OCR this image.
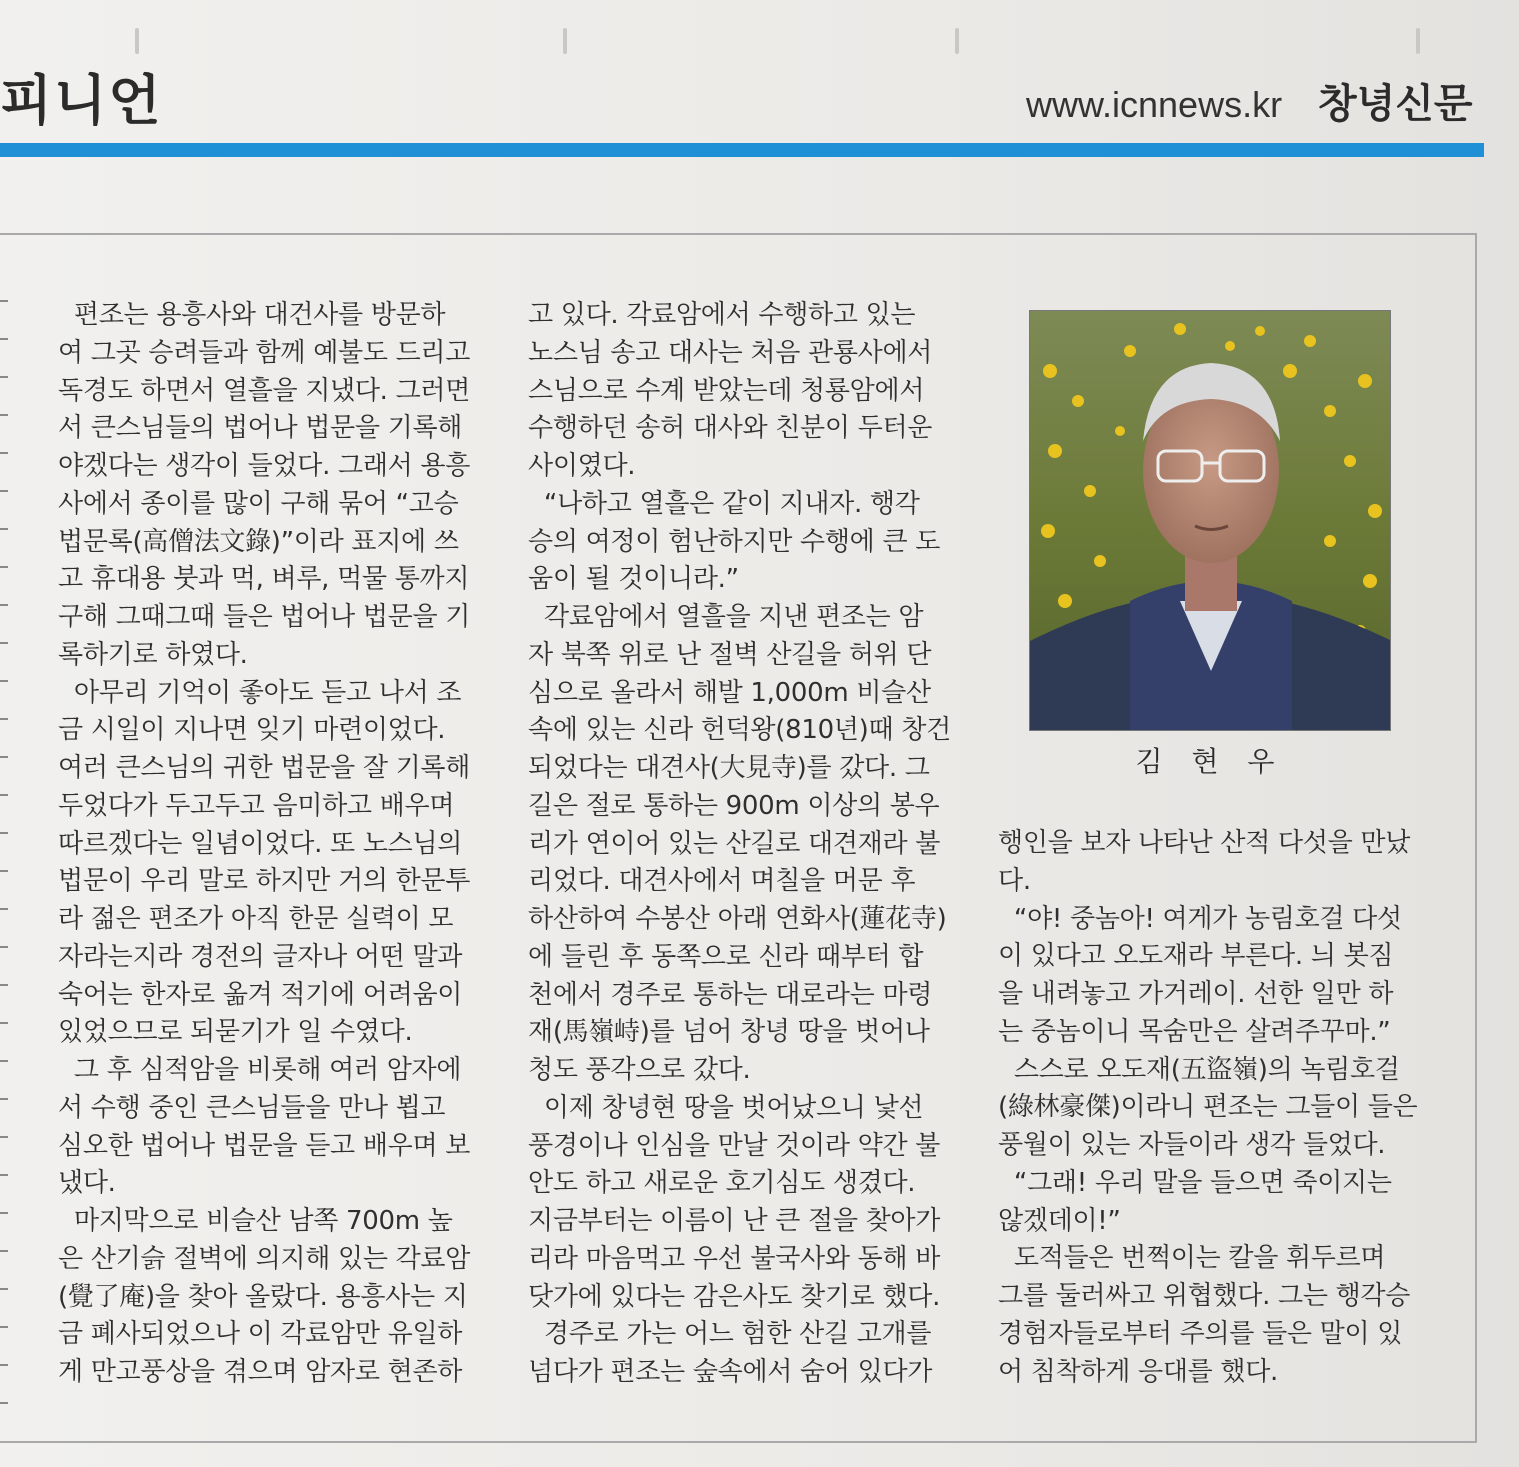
피니언	www.icnnews.kr 창녕신문
편조는 용흥사와 대건사를 방문하
여 그곳 승려들과 함께 예불도 드리고
독경도 하면서 열흘을 지냈다. 그러면
서 큰스님들의 법어나 법문을 기록해
야겠다는 생각이 들었다. 그래서 용흥
사에서 종이를 많이 구해 묶어 “고승
법문록(高僧法文錄)”이라 표지에 쓰
고 휴대용 붓과 먹, 벼루, 먹물 통까지
구해 그때그때 들은 법어나 법문을 기
록하기로 하였다.
아무리 기억이 좋아도 듣고 나서 조
금 시일이 지나면 잊기 마련이었다.
여러 큰스님의 귀한 법문을 잘 기록해
두었다가 두고두고 음미하고 배우며
따르겠다는 일념이었다. 또 노스님의
법문이 우리 말로 하지만 거의 한문투
라 젊은 편조가 아직 한문 실력이 모
자라는지라 경전의 글자나 어떤 말과
숙어는 한자로 옮겨 적기에 어려움이
있었으므로 되묻기가 일 수였다.
그 후 심적암을 비롯해 여러 암자에
서 수행 중인 큰스님들을 만나 뵙고
심오한 법어나 법문을 듣고 배우며 보
냈다.
마지막으로 비슬산 남쪽 700m 높
은 산기슭 절벽에 의지해 있는 각료암
(覺了庵)을 찾아 올랐다. 용흥사는 지
금 폐사되었으나 이 각료암만 유일하
게 만고풍상을 겪으며 암자로 현존하
고 있다. 각료암에서 수행하고 있는
노스님 송고 대사는 처음 관룡사에서
스님으로 수계 받았는데 청룡암에서
수행하던 송허 대사와 친분이 두터운
사이였다.
“나하고 열흘은 같이 지내자. 행각
승의 여정이 험난하지만 수행에 큰 도
움이 될 것이니라.”
각료암에서 열흘을 지낸 편조는 암
자 북쪽 위로 난 절벽 산길을 허위 단
심으로 올라서 해발 1,000m 비슬산
속에 있는 신라 헌덕왕(810년)때 창건
되었다는 대견사(大見寺)를 갔다. 그
길은 절로 통하는 900m 이상의 봉우
리가 연이어 있는 산길로 대견재라 불
리었다. 대견사에서 며칠을 머문 후
하산하여 수봉산 아래 연화사(蓮花寺)
에 들린 후 동쪽으로 신라 때부터 합
천에서 경주로 통하는 대로라는 마령
재(馬嶺峙)를 넘어 창녕 땅을 벗어나
청도 풍각으로 갔다.
이제 창녕현 땅을 벗어났으니 낯선
풍경이나 인심을 만날 것이라 약간 불
안도 하고 새로운 호기심도 생겼다.
지금부터는 이름이 난 큰 절을 찾아가
리라 마음먹고 우선 불국사와 동해 바
닷가에 있다는 감은사도 찾기로 했다.
경주로 가는 어느 험한 산길 고개를
넘다가 편조는 숲속에서 숨어 있다가
행인을 보자 나타난 산적 다섯을 만났
다.
“야! 중놈아! 여게가 농림호걸 다섯
이 있다고 오도재라 부른다. 늬 봇짐
을 내려놓고 가거레이. 선한 일만 하
는 중놈이니 목숨만은 살려주꾸마.”
스스로 오도재(五盜嶺)의 녹림호걸
(綠林豪傑)이라니 편조는 그들이 들은
풍월이 있는 자들이라 생각 들었다.
“그래! 우리 말을 들으면 죽이지는
않겠데이!”
도적들은 번쩍이는 칼을 휘두르며
그를 둘러싸고 위협했다. 그는 행각승
경험자들로부터 주의를 들은 말이 있
어 침착하게 응대를 했다.
김 현 우
